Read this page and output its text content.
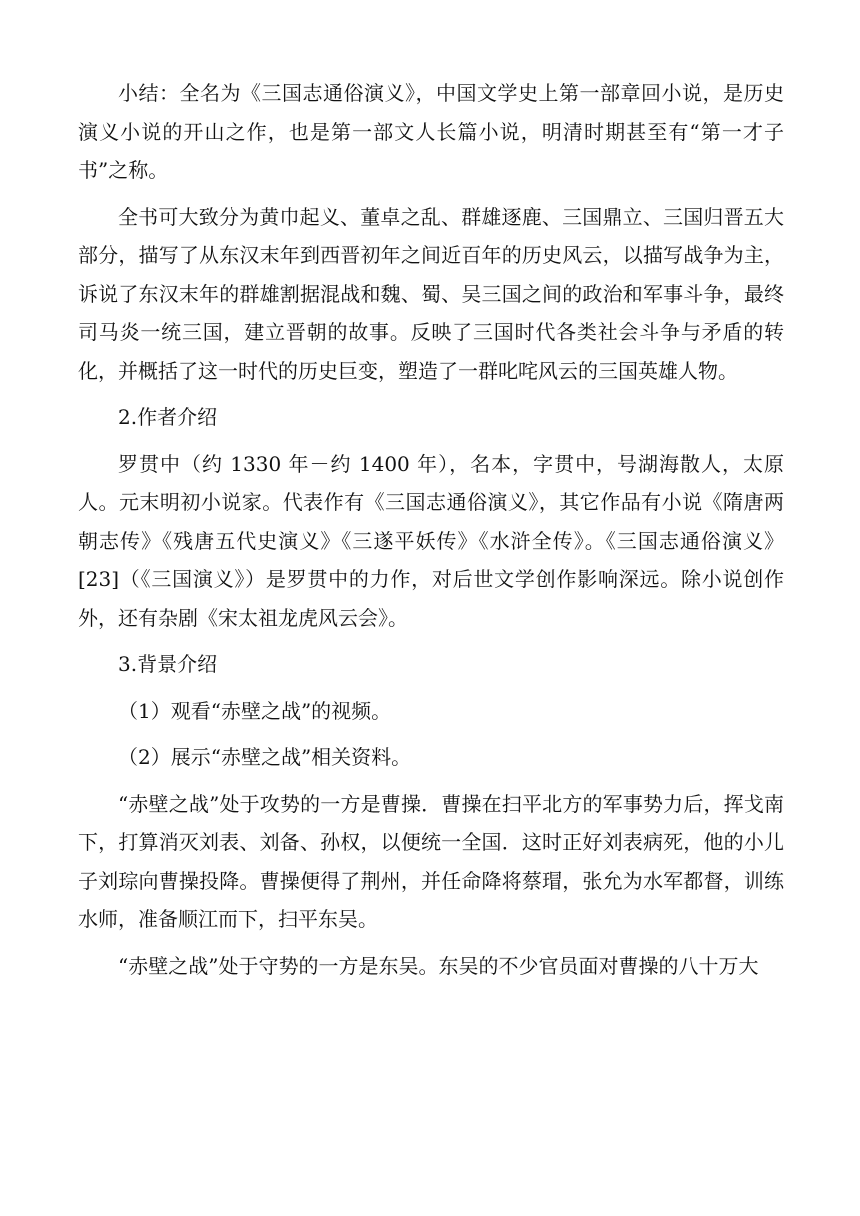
小结：全名为《三国志通俗演义》，中国文学史上第一部章回小说，是历史演义小说的开山之作，也是第一部文人长篇小说，明清时期甚至有“第一才子书”之称。

全书可大致分为黄巾起义、董卓之乱、群雄逐鹿、三国鼎立、三国归晋五大部分，描写了从东汉末年到西晋初年之间近百年的历史风云，以描写战争为主，诉说了东汉末年的群雄割据混战和魏、蜀、吴三国之间的政治和军事斗争，最终司马炎一统三国，建立晋朝的故事。反映了三国时代各类社会斗争与矛盾的转化，并概括了这一时代的历史巨变，塑造了一群叱咤风云的三国英雄人物。

2.作者介绍

罗贯中（约 1330 年－约 1400 年），名本，字贯中，号湖海散人，太原人。元末明初小说家。代表作有《三国志通俗演义》，其它作品有小说《隋唐两朝志传》《残唐五代史演义》《三遂平妖传》《水浒全传》。《三国志通俗演义》 [23]（《三国演义》）是罗贯中的力作，对后世文学创作影响深远。除小说创作外，还有杂剧《宋太祖龙虎风云会》。

3.背景介绍

（1）观看“赤壁之战”的视频。

（2）展示“赤壁之战”相关资料。

“赤壁之战”处于攻势的一方是曹操．曹操在扫平北方的军事势力后，挥戈南下，打算消灭刘表、刘备、孙权，以便统一全国．这时正好刘表病死，他的小儿子刘琮向曹操投降。曹操便得了荆州，并任命降将蔡瑁，张允为水军都督，训练水师，准备顺江而下，扫平东吴。

“赤壁之战”处于守势的一方是东吴。东吴的不少官员面对曹操的八十万大
